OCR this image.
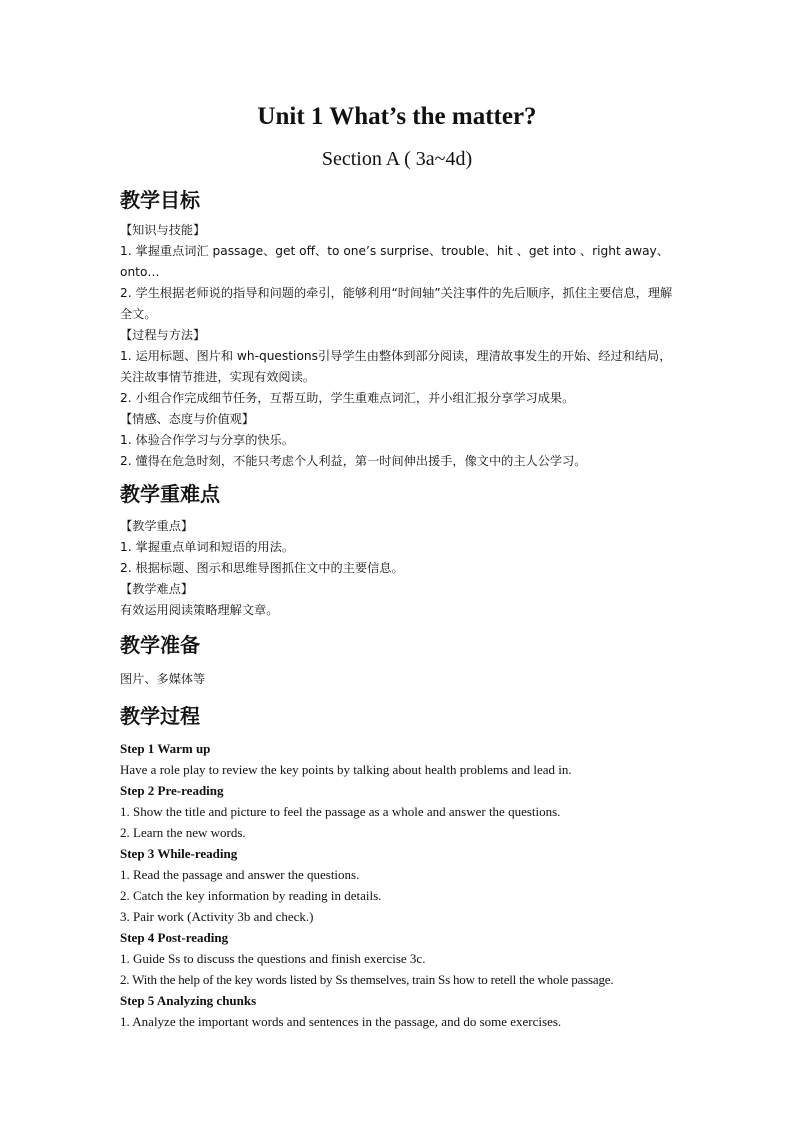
Unit 1 What’s the matter?
Section A ( 3a~4d)
教学目标

【知识与技能】

1. 掌握重点词汇 passage、get off、to one’s surprise、trouble、hit 、get into 、right away、onto…

2. 学生根据老师说的指导和问题的牵引，能够利用“时间轴”关注事件的先后顺序，抓住主要信息，理解全文。

【过程与方法】

1. 运用标题、图片和 wh-questions引导学生由整体到部分阅读，理清故事发生的开始、经过和结局，关注故事情节推进，实现有效阅读。

2. 小组合作完成细节任务，互帮互助，学生重难点词汇，并小组汇报分享学习成果。

【情感、态度与价值观】

1. 体验合作学习与分享的快乐。

2. 懂得在危急时刻，不能只考虑个人利益，第一时间伸出援手，像文中的主人公学习。

教学重难点

【教学重点】

1. 掌握重点单词和短语的用法。

2. 根据标题、图示和思维导图抓住文中的主要信息。

【教学难点】

有效运用阅读策略理解文章。

教学准备

图片、多媒体等

教学过程

Step 1 Warm up

Have a role play to review the key points by talking about health problems and lead in.

Step 2 Pre-reading

1. Show the title and picture to feel the passage as a whole and answer the questions.

2. Learn the new words.

Step 3 While-reading

1. Read the passage and answer the questions.

2. Catch the key information by reading in details.

3. Pair work (Activity 3b and check.)

Step 4 Post-reading

1. Guide Ss to discuss the questions and finish exercise 3c.

2. With the help of the key words listed by Ss themselves, train Ss how to retell the whole passage.

Step 5 Analyzing chunks

1. Analyze the important words and sentences in the passage, and do some exercises.
